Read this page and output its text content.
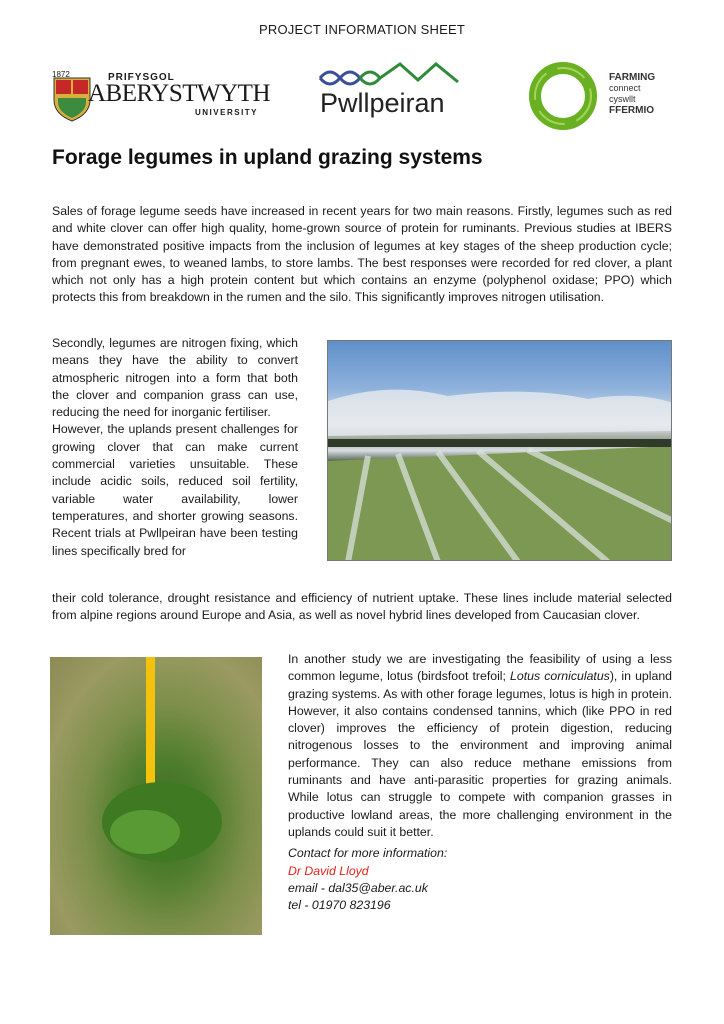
PROJECT INFORMATION SHEET
1872	PRIFYSGOL
ABERYSTWYTH
UNIVERSITY Pwllpeiran
FARMING
connect
cyswllt
FFERMIO
Forage legumes in upland grazing systems

Sales of forage legume seeds have increased in recent years for two main reasons. Firstly, legumes such as red and white clover can offer high quality, home-grown source of protein for ruminants. Previous studies at IBERS have demonstrated positive impacts from the inclusion of legumes at key stages of the sheep production cycle; from pregnant ewes, to weaned lambs, to store lambs. The best responses were recorded for red clover, a plant which not only has a high protein content but which contains an enzyme (polyphenol oxidase; PPO) which protects this from breakdown in the rumen and the silo. This significantly improves nitrogen utilisation.

Secondly, legumes are nitrogen fixing, which means they have the ability to convert atmospheric nitrogen into a form that both the clover and companion grass can use, reducing the need for inorganic fertiliser.

However, the uplands present challenges for growing clover that can make current commercial varieties unsuitable. These include acidic soils, reduced soil fertility, variable water availability, lower temperatures, and shorter growing seasons. Recent trials at Pwllpeiran have been testing lines specifically bred for

their cold tolerance, drought resistance and efficiency of nutrient uptake. These lines include material selected from alpine regions around Europe and Asia, as well as novel hybrid lines developed from Caucasian clover.

In another study we are investigating the feasibility of using a less common legume, lotus (birdsfoot trefoil; Lotus corniculatus), in upland grazing systems. As with other forage legumes, lotus is high in protein. However, it also contains condensed tannins, which (like PPO in red clover) improves the efficiency of protein digestion, reducing nitrogenous losses to the environment and improving animal performance. They can also reduce methane emissions from ruminants and have anti-parasitic properties for grazing animals. While lotus can struggle to compete with companion grasses in productive lowland areas, the more challenging environment in the uplands could suit it better.

Contact for more information:
Dr David Lloyd
email - dal35@aber.ac.uk
tel - 01970 823196
